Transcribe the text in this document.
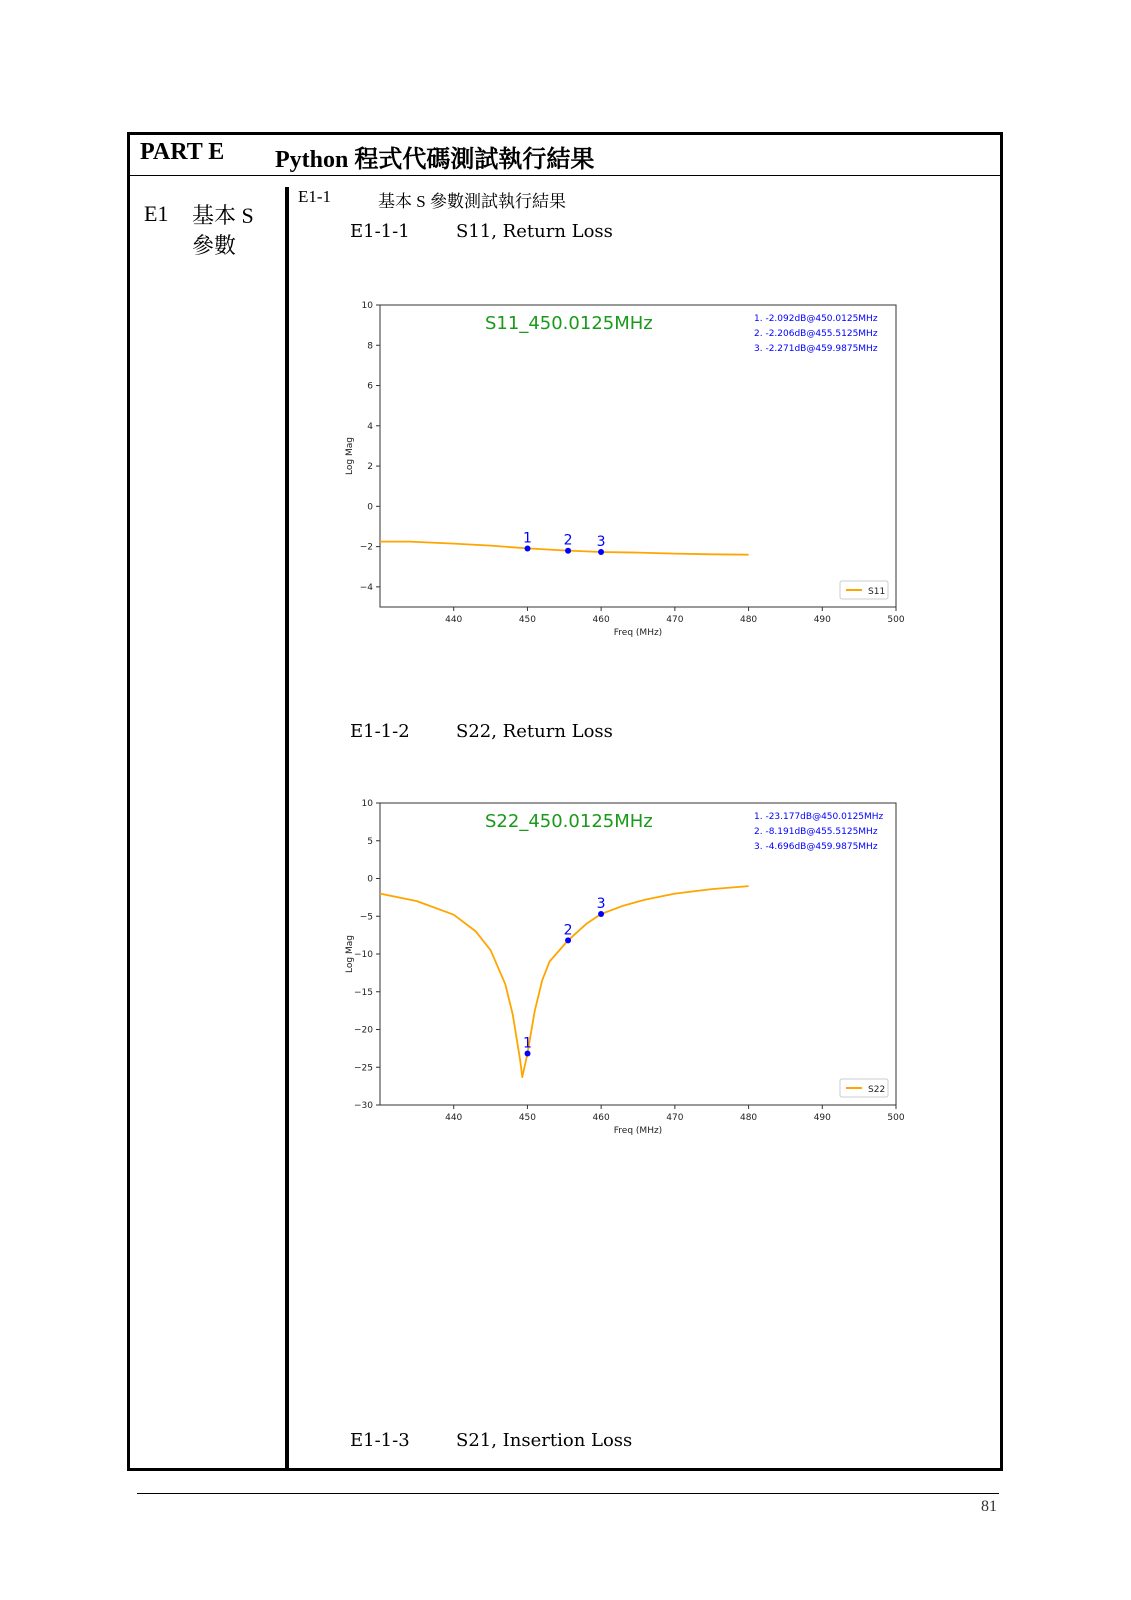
PART E Python 程式代碼測試執行結果
E1 基本 S 參數
E1-1	基本 S 參數測試執行結果
E1-1-1	S11, Return Loss
440	450	460	470	480	490	500
−4
−2
0
2
4
6
8
10
Freq (MHz)
Log Mag
S11_450.0125MHz	1. -2.092dB@450.0125MHz
2. -2.206dB@455.5125MHz
3. -2.271dB@459.9875MHz
1 2 3
S11
E1-1-2	S22, Return Loss
440	450	460	470	480	490	500
−30
−25
−20
−15
−10
−5
0
5
10
Freq (MHz)
Log Mag
S22_450.0125MHz	1. -23.177dB@450.0125MHz
2. -8.191dB@455.5125MHz
3. -4.696dB@459.9875MHz
1
2
3
S22
E1-1-3	S21, Insertion Loss
81
